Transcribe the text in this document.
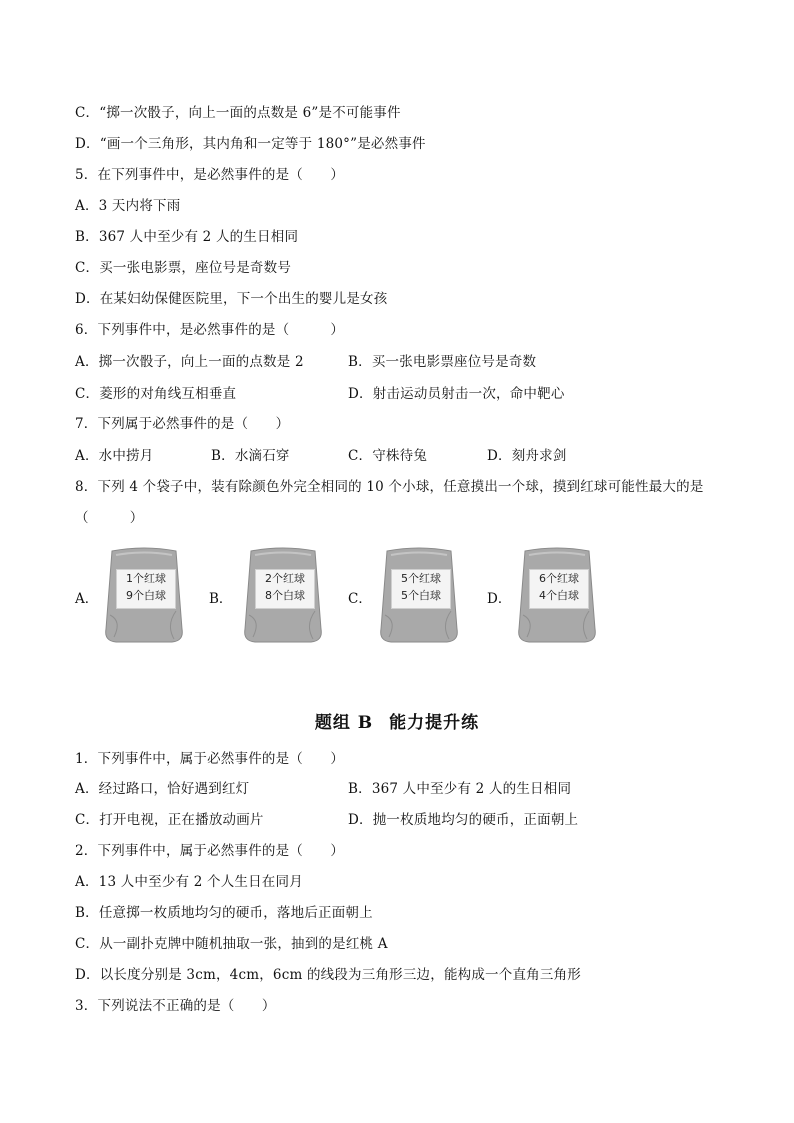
C．“掷一次骰子，向上一面的点数是 6”是不可能事件
D．“画一个三角形，其内角和一定等于 180°”是必然事件
5．在下列事件中，是必然事件的是（　　）
A．3 天内将下雨
B．367 人中至少有 2 人的生日相同
C．买一张电影票，座位号是奇数号
D．在某妇幼保健医院里，下一个出生的婴儿是女孩
6．下列事件中，是必然事件的是（　　　）
A．掷一次骰子，向上一面的点数是 2	B．买一张电影票座位号是奇数
C．菱形的对角线互相垂直	D．射击运动员射击一次，命中靶心
7．下列属于必然事件的是（　　）
A．水中捞月	B．水滴石穿	C．守株待兔	D．刻舟求剑
8．下列 4 个袋子中，装有除颜色外完全相同的 10 个小球，任意摸出一个球，摸到红球可能性最大的是
（　　　）
A．
1个红球
9个白球	B．
2个红球
8个白球	C．
5个红球
5个白球	D．
6个红球
4个白球
题组 B 能力提升练
1．下列事件中，属于必然事件的是（　　）
A．经过路口，恰好遇到红灯	B．367 人中至少有 2 人的生日相同
C．打开电视，正在播放动画片	D．抛一枚质地均匀的硬币，正面朝上
2．下列事件中，属于必然事件的是（　　）
A．13 人中至少有 2 个人生日在同月
B．任意掷一枚质地均匀的硬币，落地后正面朝上
C．从一副扑克牌中随机抽取一张，抽到的是红桃 A
D．以长度分别是 3cm，4cm，6cm 的线段为三角形三边，能构成一个直角三角形
3．下列说法不正确的是（　　）
